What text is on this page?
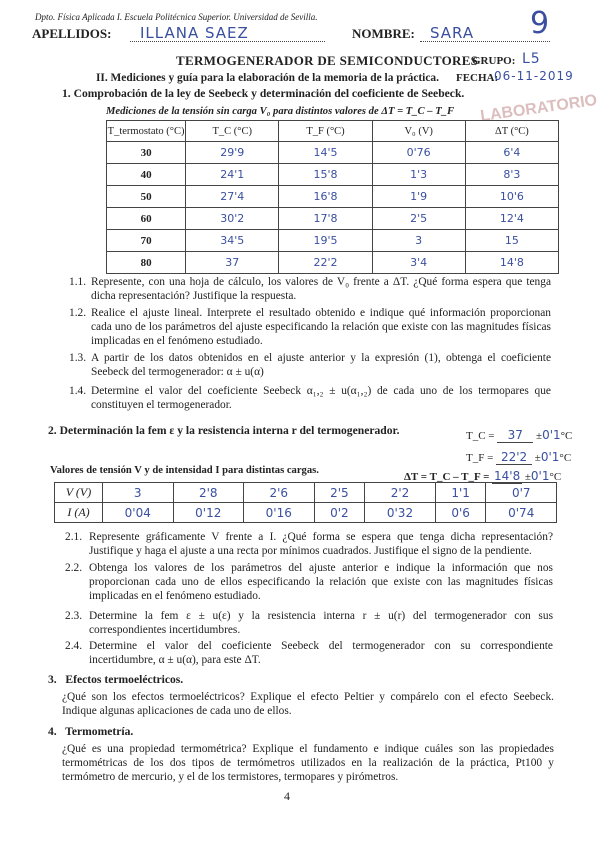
Dpto. Física Aplicada I. Escuela Politécnica Superior. Universidad de Sevilla.
APELLIDOS: ILLANA SAEZ	NOMBRE: SARA 9
TERMOGENERADOR DE SEMICONDUCTORES
GRUPO: L5
II. Mediciones y guía para la elaboración de la memoria de la práctica. FECHA:
06-11-2019
LABORATORIO
1. Comprobación de la ley de Seebeck y determinación del coeficiente de Seebeck.
Mediciones de la tensión sin carga V₀ para distintos valores de ΔT = T_C – T_F
T_termostato (°C)	T_C (°C)	T_F (°C)	V₀ (V)	ΔT (°C)
30	29'9	14'5	0'76	6'4
40	24'1	15'8	1'3	8'3
50	27'4	16'8	1'9	10'6
60	30'2	17'8	2'5	12'4
70	34'5	19'5	3	15
80	37	22'2	3'4	14'8
1.1. Represente, con una hoja de cálculo, los valores de V₀ frente a ΔT. ¿Qué forma espera que tenga dicha representación? Justifique la respuesta.
1.2. Realice el ajuste lineal. Interprete el resultado obtenido e indique qué información proporcionan cada uno de los parámetros del ajuste especificando la relación que existe con las magnitudes físicas implicadas en el fenómeno estudiado.
1.3. A partir de los datos obtenidos en el ajuste anterior y la expresión (1), obtenga el coeficiente Seebeck del termogenerador: α ± u(α)
1.4. Determine el valor del coeficiente Seebeck α₁,₂ ± u(α₁,₂) de cada uno de los termopares que constituyen el termogenerador.
2. Determinación la fem ε y la resistencia interna r del termogenerador.	T_C = 37 ±0'1°C
T_F = 22'2 ±0'1°C
ΔT = T_C – T_F = 14'8 ±0'1°C
Valores de tensión V y de intensidad I para distintas cargas.
V (V)	3	2'8	2'6	2'5	2'2	1'1	0'7
I (A)	0'04	0'12	0'16	0'2	0'32	0'6	0'74
2.1. Represente gráficamente V frente a I. ¿Qué forma se espera que tenga dicha representación? Justifique y haga el ajuste a una recta por mínimos cuadrados. Justifique el signo de la pendiente.
2.2. Obtenga los valores de los parámetros del ajuste anterior e indique la información que nos proporcionan cada uno de ellos especificando la relación que existe con las magnitudes físicas implicadas en el fenómeno estudiado.
2.3. Determine la fem ε ± u(ε) y la resistencia interna r ± u(r) del termogenerador con sus correspondientes incertidumbres.
2.4. Determine el valor del coeficiente Seebeck del termogenerador con su correspondiente incertidumbre, α ± u(α), para este ΔT.
3.   Efectos termoeléctricos.
¿Qué son los efectos termoeléctricos? Explique el efecto Peltier y compárelo con el efecto Seebeck. Indique algunas aplicaciones de cada uno de ellos.
4.   Termometría.
¿Qué es una propiedad termométrica? Explique el fundamento e indique cuáles son las propiedades termométricas de los dos tipos de termómetros utilizados en la realización de la práctica, Pt100 y termómetro de mercurio, y el de los termistores, termopares y pirómetros.
4
